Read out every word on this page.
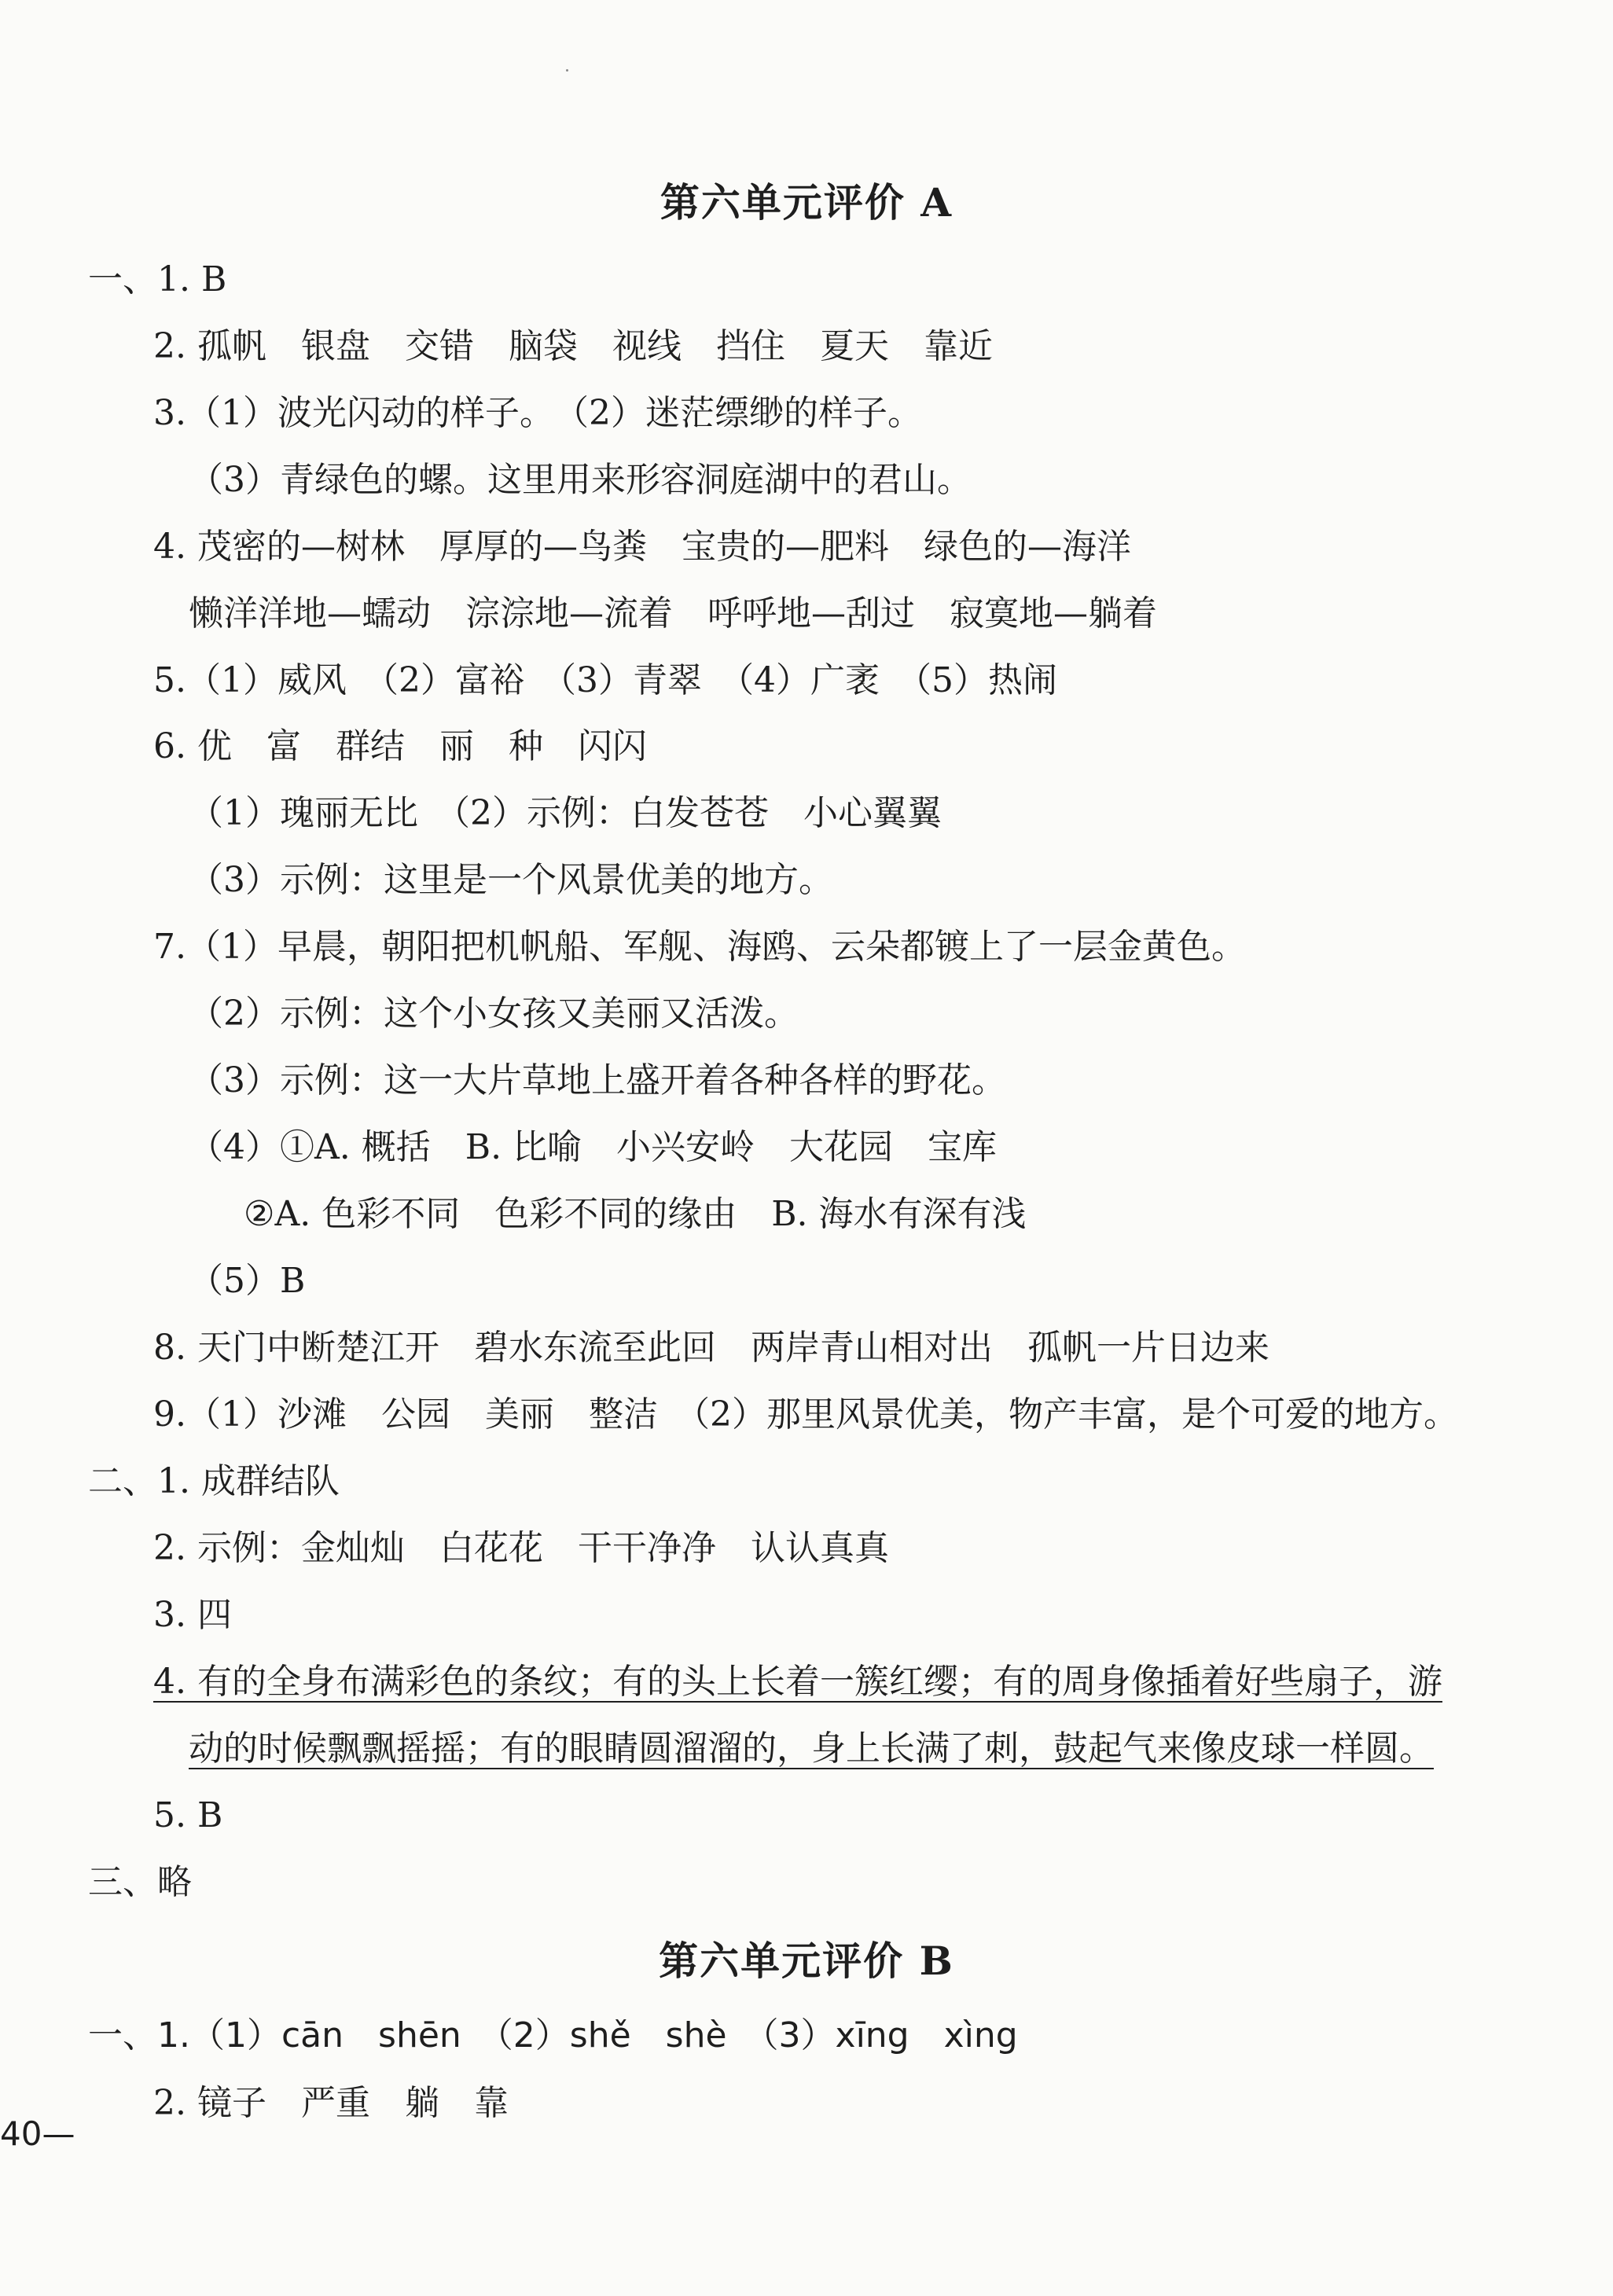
第六单元评价 A
一、1. B
2. 孤帆　银盘　交错　脑袋　视线　挡住　夏天　靠近
3.（1）波光闪动的样子。　（2）迷茫缥缈的样子。
（3）青绿色的螺。这里用来形容洞庭湖中的君山。
4. 茂密的—树林　厚厚的—鸟粪　宝贵的—肥料　绿色的—海洋
懒洋洋地—蠕动　淙淙地—流着　呼呼地—刮过　寂寞地—躺着
5.（1）威风　（2）富裕　（3）青翠　（4）广袤　（5）热闹
6. 优　富　群结　丽　种　闪闪
（1）瑰丽无比　（2）示例：白发苍苍　小心翼翼
（3）示例：这里是一个风景优美的地方。
7.（1）早晨，朝阳把机帆船、军舰、海鸥、云朵都镀上了一层金黄色。
（2）示例：这个小女孩又美丽又活泼。
（3）示例：这一大片草地上盛开着各种各样的野花。
（4）①A. 概括　B. 比喻　小兴安岭　大花园　宝库
②A. 色彩不同　色彩不同的缘由　B. 海水有深有浅
（5）B
8. 天门中断楚江开　碧水东流至此回　两岸青山相对出　孤帆一片日边来
9.（1）沙滩　公园　美丽　整洁　（2）那里风景优美，物产丰富，是个可爱的地方。
二、1. 成群结队
2. 示例：金灿灿　白花花　干干净净　认认真真
3. 四
4. 有的全身布满彩色的条纹；有的头上长着一簇红缨；有的周身像插着好些扇子，游
动的时候飘飘摇摇；有的眼睛圆溜溜的，身上长满了刺，鼓起气来像皮球一样圆。
5. B
三、略
第六单元评价 B
一、1.（1）cān　shēn　（2）shě　shè　（3）xīng　xìng
2. 镜子　严重　躺　靠
40—
